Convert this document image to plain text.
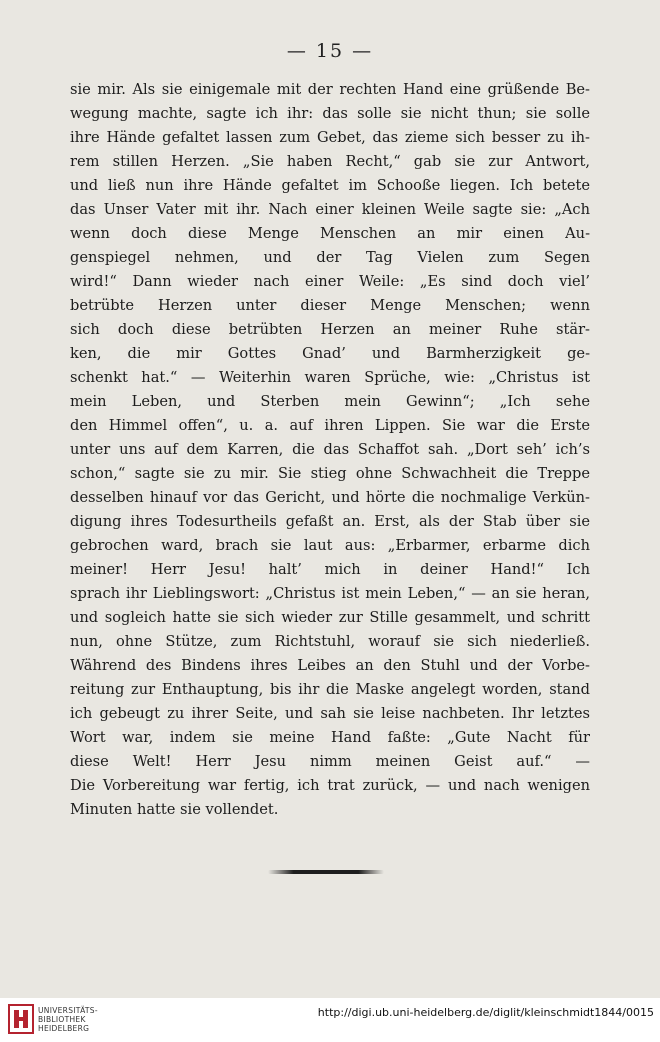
— 15 —
sie mir. Als sie einigemale mit der rechten Hand eine grüßende Be-
wegung machte, sagte ich ihr: das solle sie nicht thun; sie solle
ihre Hände gefaltet lassen zum Gebet, das zieme sich besser zu ih-
rem stillen Herzen. „Sie haben Recht,“ gab sie zur Antwort,
und ließ nun ihre Hände gefaltet im Schooße liegen. Ich betete
das Unser Vater mit ihr. Nach einer kleinen Weile sagte sie: „Ach
wenn doch diese Menge Menschen an mir einen Au-
genspiegel nehmen, und der Tag Vielen zum Segen
wird!“ Dann wieder nach einer Weile: „Es sind doch viel’
betrübte Herzen unter dieser Menge Menschen; wenn
sich doch diese betrübten Herzen an meiner Ruhe stär-
ken, die mir Gottes Gnad’ und Barmherzigkeit ge-
schenkt hat.“ — Weiterhin waren Sprüche, wie: „Christus ist
mein Leben, und Sterben mein Gewinn“; „Ich sehe
den Himmel offen“, u. a. auf ihren Lippen. Sie war die Erste
unter uns auf dem Karren, die das Schaffot sah. „Dort seh’ ich’s
schon,“ sagte sie zu mir. Sie stieg ohne Schwachheit die Treppe
desselben hinauf vor das Gericht, und hörte die nochmalige Verkün-
digung ihres Todesurtheils gefaßt an. Erst, als der Stab über sie
gebrochen ward, brach sie laut aus: „Erbarmer, erbarme dich
meiner! Herr Jesu! halt’ mich in deiner Hand!“ Ich
sprach ihr Lieblingswort: „Christus ist mein Leben,“ — an sie heran,
und sogleich hatte sie sich wieder zur Stille gesammelt, und schritt
nun, ohne Stütze, zum Richtstuhl, worauf sie sich niederließ.
Während des Bindens ihres Leibes an den Stuhl und der Vorbe-
reitung zur Enthauptung, bis ihr die Maske angelegt worden, stand
ich gebeugt zu ihrer Seite, und sah sie leise nachbeten. Ihr letztes
Wort war, indem sie meine Hand faßte: „Gute Nacht für
diese Welt! Herr Jesu nimm meinen Geist auf.“ —
Die Vorbereitung war fertig, ich trat zurück, — und nach wenigen
Minuten hatte sie vollendet.
UNIVERSITÄTS-
BIBLIOTHEK
HEIDELBERG
http://digi.ub.uni-heidelberg.de/diglit/kleinschmidt1844/0015
